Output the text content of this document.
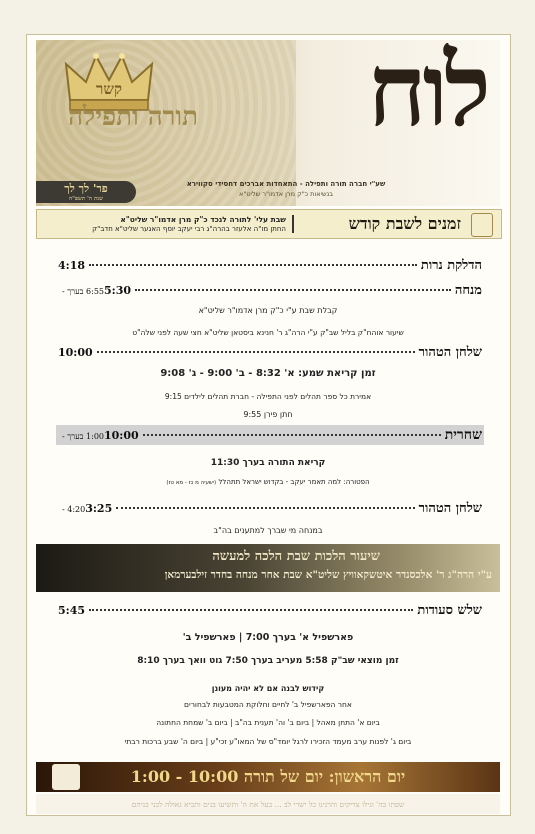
קשר לוח
תורה ותפילה
שע"י חברה תורה ותפילה - התאחדות אברכים דחסידי סקווירא
בנשיאות כ"ק מרן אדמו"ר שליט"א
פר' לך לך
שנת ה' תשפ"ה
זמנים לשבת קודש
שבת עלי' לתורה לנכד כ"ק מרן אדמו"ר שליט"א
החתן מו"ה אלעזר בהרה"ג רבי יעקב יוסף האגער שליט"א חדב"ק
הדלקת נרות
4:18
מנחה
5:30
6:55 בערך -
קבלת שבת ע"י כ"ק מרן אדמו"ר שליט"א
שיעור אוהח"ק בליל שב"ק ע"י הרה"ג ר' חנינא ביסטאן שליט"א חצי שעה לפני שלה"ט
שלחן הטהור
10:00
זמן קריאת שמע: א' 8:32 - ב' 9:00 - ג' 9:08
אמירת כל ספר תהלים לפני התפילה - חברת תהלים לילדים 9:15
חתן פירן 9:55
שחרית
10:00
1:00 בערך -
קריאת התורה בערך 11:30
הפטורה: למה תאמר יעקב - בקדוש ישראל תתהלל (ישעיה מ כז - מא טז)
שלחן הטהור
3:25
4:20 -
במנחה מי שברך למתענים בה"ב
שיעור הלכות שבת הלכה למעשה
ע"י הרה"ג ר' אלכסנדר איטשקאוויץ שליט"א שבת אחר מנחה בחדר זילבערמאן
שלש סעודות
5:45
פארשפיל א' בערך 7:00 | פארשפיל ב'
זמן מוצאי שב"ק 5:58 מעריב בערך 7:50 גוט וואך בערך 8:10
קידוש לבנה אם לא יהיה מעונן
אחר הפארשפיל ב' לחיים וחלוקת המטבעות לבחורים
ביום א' התחן מאהל | ביום ב' וה' תענית בה"ב | ביום ב' שמחת החתונה
ביום ג' לפנות ערב מעמד הזכירו לרגל יומד"ס של המאו"ע זכי"ע | ביום ה' שבע ברכות רבתי
יום הראשון: יום של תורה 10:00 - 1:00
שפתו בה' וגילו צדיקים והרנינו כל ישרי לב ... בעל את ה' ותשיעו בנים ותביא גאולה לבני בניהם
